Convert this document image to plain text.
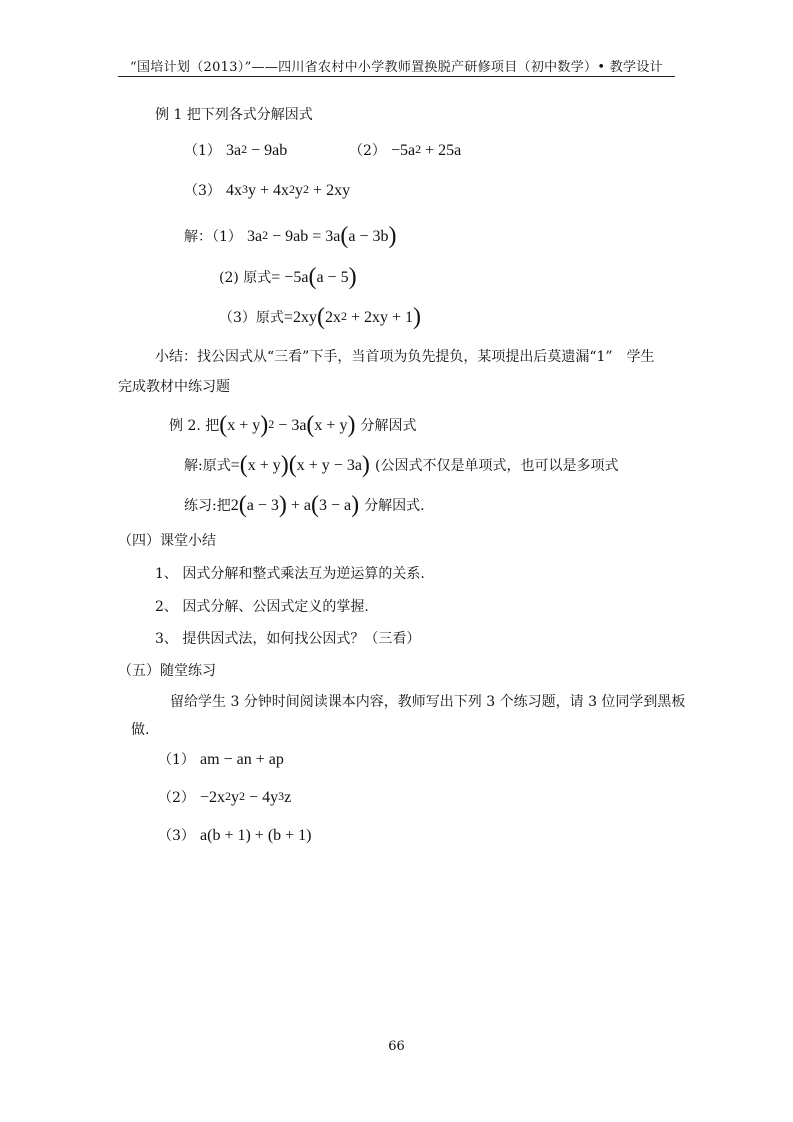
“国培计划（2013）”——四川省农村中小学教师置换脱产研修项目（初中数学）• 教学设计
例 1 把下列各式分解因式
（1） $3a^2 - 9ab$	$(2) -5a^2 + 25a$
（3） $4x^3y + 4x^2y^2 + 2xy$
解：（1） $3a^2 - 9ab = 3a(a - 3b)$
(2) 原式= −5a(a − 5)
（3）原式$=2xy(2x^2 + 2xy + 1)$
小结：找公因式从“三看”下手，当首项为负先提负，某项提出后莫遗漏“1”　学生
完成教材中练习题
例 2. 把$(x + y)^2 - 3a(x + y)$ 分解因式
解:原式=(x + y)(x + y − 3a) (公因式不仅是单项式，也可以是多项式
练习:把2(a − 3) + a(3 − a) 分解因式.
（四）课堂小结
1、 因式分解和整式乘法互为逆运算的关系.
2、 因式分解、公因式定义的掌握.
3、 提供因式法，如何找公因式？（三看）
（五）随堂练习
留给学生 3 分钟时间阅读课本内容，教师写出下列 3 个练习题，请 3 位同学到黑板
做.
（1） am − an + ap
$(2) -2x^2y^2 - 4y^3z$
（3） a(b + 1) + (b + 1)
66
